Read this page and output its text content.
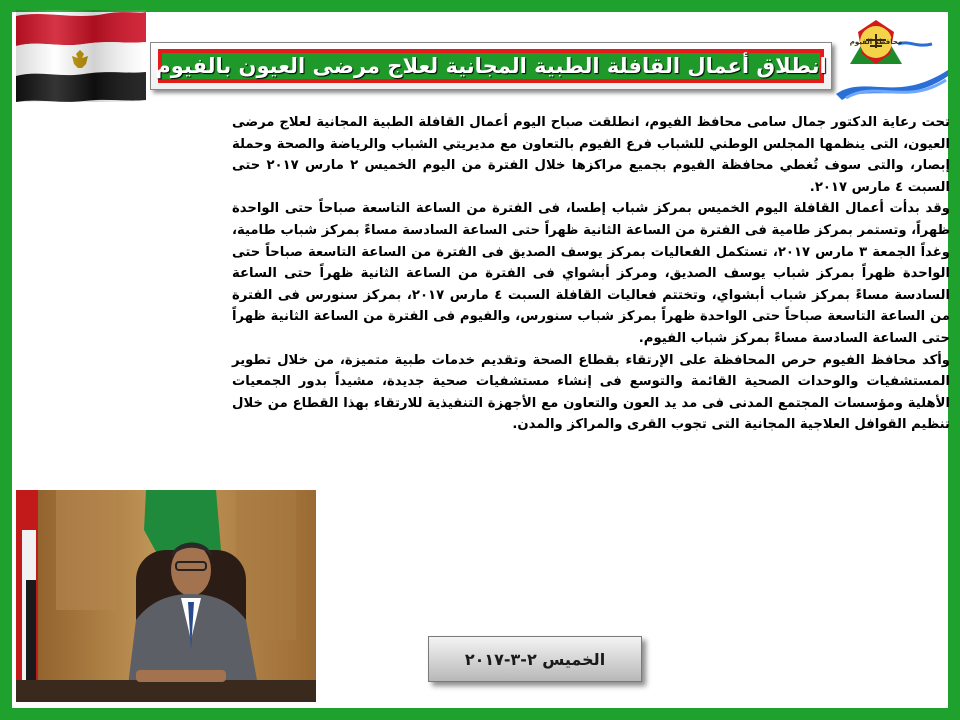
محافظة الفيوم
انطلاق أعمال القافلة الطبية المجانية لعلاج مرضى العيون بالفيوم

تحت رعاية الدكتور جمال سامى محافظ الفيوم، انطلقت صباح اليوم أعمال القافلة الطبية المجانية لعلاج مرضى العيون، التى ينظمها المجلس الوطني للشباب فرع الفيوم بالتعاون مع مديريتي الشباب والرياضة والصحة وحملة إبصار، والتى سوف تُغطي محافظة الفيوم بجميع مراكزها خلال الفترة من اليوم الخميس ٢ مارس ٢٠١٧ حتى السبت ٤ مارس ٢٠١٧.

وقد بدأت أعمال القافلة اليوم الخميس بمركز شباب إطسا، فى الفترة من الساعة التاسعة صباحاً حتى الواحدة ظهراً، وتستمر بمركز طامية فى الفترة من الساعة الثانية ظهراً حتى الساعة السادسة مساءً بمركز شباب طامية، وغداً الجمعة ٣ مارس ٢٠١٧، تستكمل الفعاليات بمركز يوسف الصديق فى الفترة من الساعة التاسعة صباحاً حتى الواحدة ظهراً بمركز شباب يوسف الصديق، ومركز أبشواي فى الفترة من الساعة الثانية ظهراً حتى الساعة السادسة مساءً بمركز شباب أبشواي، وتختتم فعاليات القافلة السبت ٤ مارس ٢٠١٧، بمركز سنورس فى الفترة من الساعة التاسعة صباحاً حتى الواحدة ظهراً بمركز شباب سنورس، والفيوم فى الفترة من الساعة الثانية ظهراً حتى الساعة السادسة مساءً بمركز شباب الفيوم.

وأكد محافظ الفيوم حرص المحافظة على الإرتقاء بقطاع الصحة وتقديم خدمات طبية متميزة، من خلال تطوير المستشفيات والوحدات الصحية القائمة والتوسع فى إنشاء مستشفيات صحية جديدة، مشيداً بدور الجمعيات الأهلية ومؤسسات المجتمع المدنى فى مد يد العون والتعاون مع الأجهزة التنفيذية للارتقاء بهذا القطاع من خلال تنظيم القوافل العلاجية المجانية التى تجوب القرى والمراكز والمدن.

الخميس ٢-٣-٢٠١٧
